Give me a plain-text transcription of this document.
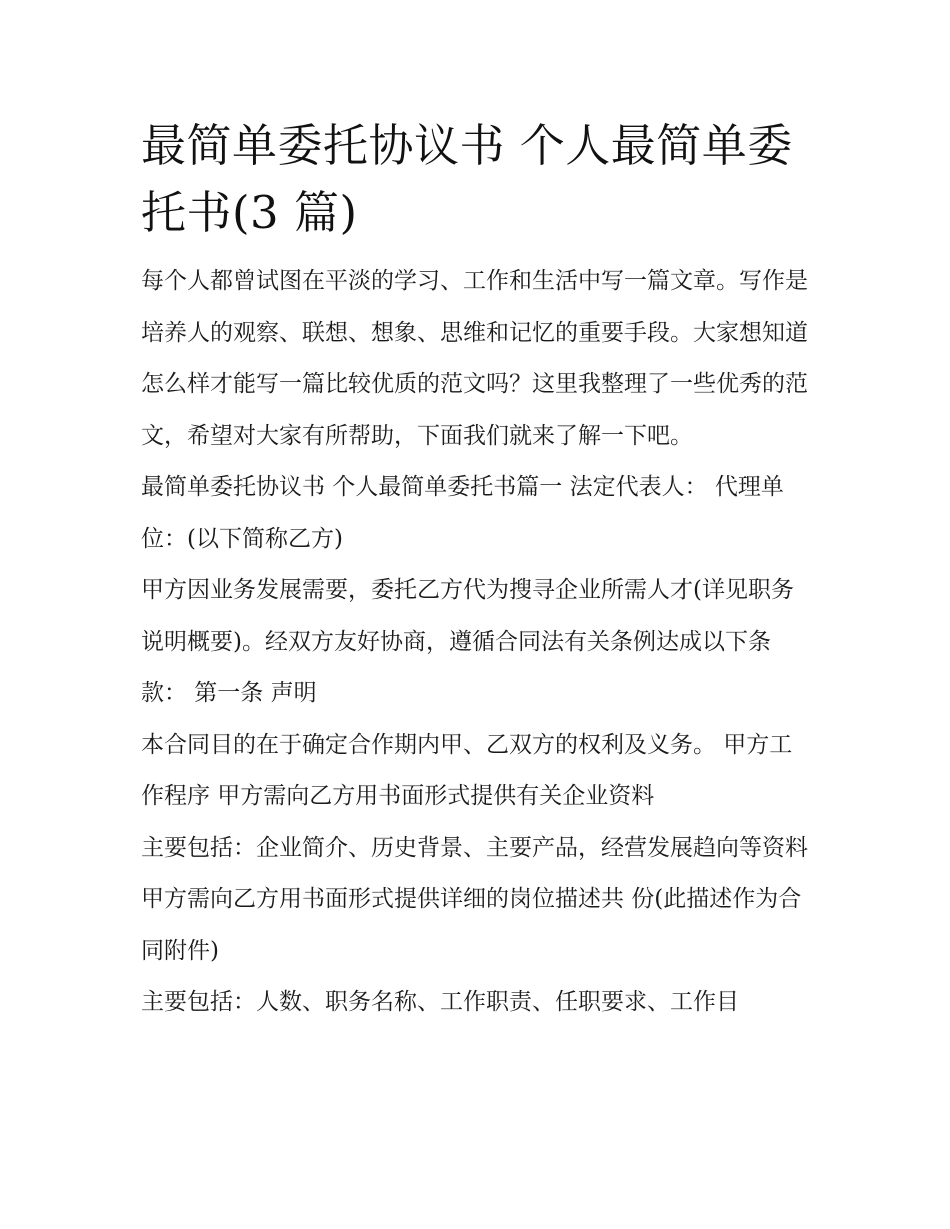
最简单委托协议书 个人最简单委托书(3 篇)

每个人都曾试图在平淡的学习、工作和生活中写一篇文章。写作是培养人的观察、联想、想象、思维和记忆的重要手段。大家想知道怎么样才能写一篇比较优质的范文吗？这里我整理了一些优秀的范文，希望对大家有所帮助，下面我们就来了解一下吧。

最简单委托协议书 个人最简单委托书篇一 法定代表人： 代理单位：(以下简称乙方)

甲方因业务发展需要，委托乙方代为搜寻企业所需人才(详见职务说明概要)。经双方友好协商，遵循合同法有关条例达成以下条款： 第一条 声明

本合同目的在于确定合作期内甲、乙双方的权利及义务。 甲方工作程序 甲方需向乙方用书面形式提供有关企业资料

主要包括：企业简介、历史背景、主要产品，经营发展趋向等资料甲方需向乙方用书面形式提供详细的岗位描述共 份(此描述作为合同附件)

主要包括：人数、职务名称、工作职责、任职要求、工作目
